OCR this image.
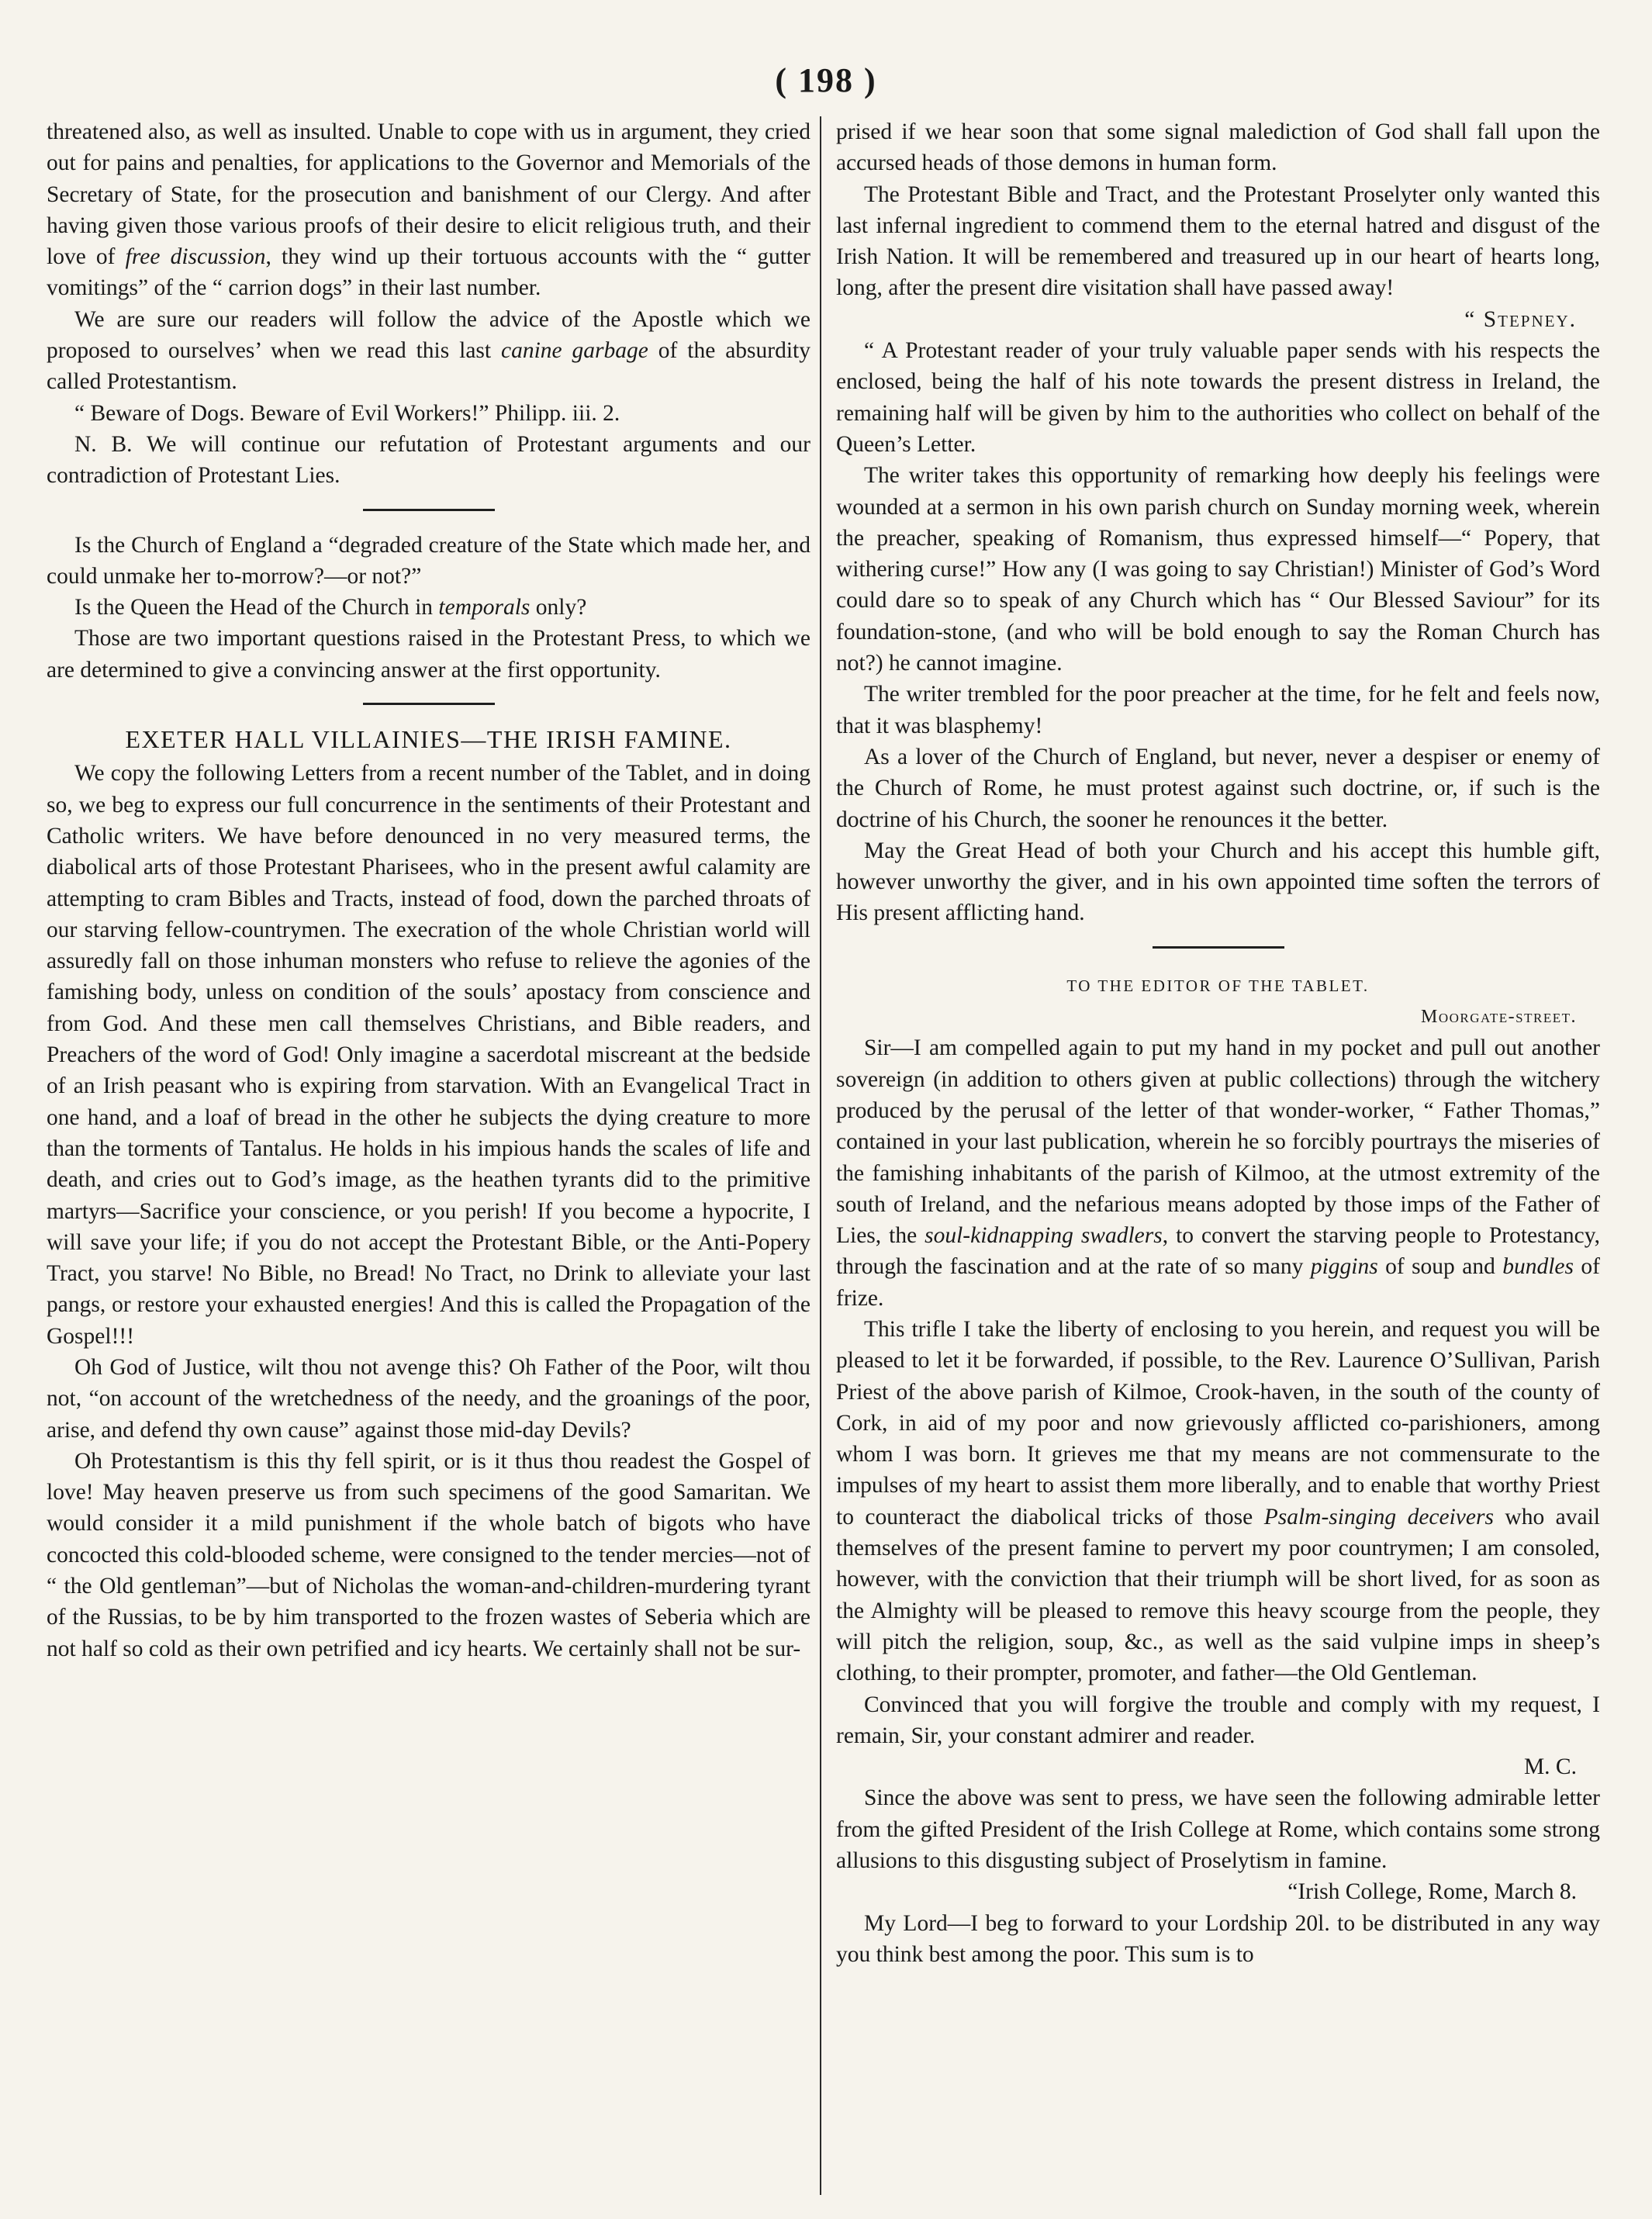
( 198 )

threatened also, as well as insulted. Unable to cope with us in argument, they cried out for pains and penalties, for applications to the Governor and Memorials of the Secretary of State, for the prosecution and banishment of our Clergy. And after having given those various proofs of their desire to elicit religious truth, and their love of free discussion, they wind up their tortuous accounts with the “ gutter vomitings” of the “ carrion dogs” in their last number.

We are sure our readers will follow the advice of the Apostle which we proposed to ourselves’ when we read this last canine garbage of the absurdity called Protestantism.

“ Beware of Dogs. Beware of Evil Workers!” Philipp. iii. 2.

N. B. We will continue our refutation of Protestant arguments and our contradiction of Protestant Lies.

Is the Church of England a “degraded creature of the State which made her, and could unmake her to-morrow?—or not?”

Is the Queen the Head of the Church in temporals only?

Those are two important questions raised in the Protestant Press, to which we are determined to give a convincing answer at the first opportunity.

EXETER HALL VILLAINIES—THE IRISH FAMINE.

We copy the following Letters from a recent number of the Tablet, and in doing so, we beg to express our full concurrence in the sentiments of their Protestant and Catholic writers. We have before denounced in no very measured terms, the diabolical arts of those Protestant Pharisees, who in the present awful calamity are attempting to cram Bibles and Tracts, instead of food, down the parched throats of our starving fellow-countrymen. The execration of the whole Christian world will assuredly fall on those inhuman monsters who refuse to relieve the agonies of the famishing body, unless on condition of the souls’ apostacy from conscience and from God. And these men call themselves Christians, and Bible readers, and Preachers of the word of God! Only imagine a sacerdotal miscreant at the bedside of an Irish peasant who is expiring from starvation. With an Evangelical Tract in one hand, and a loaf of bread in the other he subjects the dying creature to more than the torments of Tantalus. He holds in his impious hands the scales of life and death, and cries out to God’s image, as the heathen tyrants did to the primitive martyrs—Sacrifice your conscience, or you perish! If you become a hypocrite, I will save your life; if you do not accept the Protestant Bible, or the Anti-Popery Tract, you starve! No Bible, no Bread! No Tract, no Drink to alleviate your last pangs, or restore your exhausted energies! And this is called the Propagation of the Gospel!!!

Oh God of Justice, wilt thou not avenge this? Oh Father of the Poor, wilt thou not, “on account of the wretchedness of the needy, and the groanings of the poor, arise, and defend thy own cause” against those mid-day Devils?

Oh Protestantism is this thy fell spirit, or is it thus thou readest the Gospel of love! May heaven preserve us from such specimens of the good Samaritan. We would consider it a mild punishment if the whole batch of bigots who have concocted this cold-blooded scheme, were consigned to the tender mercies—not of “ the Old gentleman”—but of Nicholas the woman-and-children-murdering tyrant of the Russias, to be by him transported to the frozen wastes of Seberia which are not half so cold as their own petrified and icy hearts. We certainly shall not be sur-

prised if we hear soon that some signal malediction of God shall fall upon the accursed heads of those demons in human form.

The Protestant Bible and Tract, and the Protestant Proselyter only wanted this last infernal ingredient to commend them to the eternal hatred and disgust of the Irish Nation. It will be remembered and treasured up in our heart of hearts long, long, after the present dire visitation shall have passed away!

“ Stepney.

“ A Protestant reader of your truly valuable paper sends with his respects the enclosed, being the half of his note towards the present distress in Ireland, the remaining half will be given by him to the authorities who collect on behalf of the Queen’s Letter.

The writer takes this opportunity of remarking how deeply his feelings were wounded at a sermon in his own parish church on Sunday morning week, wherein the preacher, speaking of Romanism, thus expressed himself—“ Popery, that withering curse!” How any (I was going to say Christian!) Minister of God’s Word could dare so to speak of any Church which has “ Our Blessed Saviour” for its foundation-stone, (and who will be bold enough to say the Roman Church has not?) he cannot imagine.

The writer trembled for the poor preacher at the time, for he felt and feels now, that it was blasphemy!

As a lover of the Church of England, but never, never a despiser or enemy of the Church of Rome, he must protest against such doctrine, or, if such is the doctrine of his Church, the sooner he renounces it the better.

May the Great Head of both your Church and his accept this humble gift, however unworthy the giver, and in his own appointed time soften the terrors of His present afflicting hand.

TO THE EDITOR OF THE TABLET.

Moorgate-street.

Sir—I am compelled again to put my hand in my pocket and pull out another sovereign (in addition to others given at public collections) through the witchery produced by the perusal of the letter of that wonder-worker, “ Father Thomas,” contained in your last publication, wherein he so forcibly pourtrays the miseries of the famishing inhabitants of the parish of Kilmoo, at the utmost extremity of the south of Ireland, and the nefarious means adopted by those imps of the Father of Lies, the soul-kidnapping swadlers, to convert the starving people to Protestancy, through the fascination and at the rate of so many piggins of soup and bundles of frize.

This trifle I take the liberty of enclosing to you herein, and request you will be pleased to let it be forwarded, if possible, to the Rev. Laurence O’Sullivan, Parish Priest of the above parish of Kilmoe, Crook-haven, in the south of the county of Cork, in aid of my poor and now grievously afflicted co-parishioners, among whom I was born. It grieves me that my means are not commensurate to the impulses of my heart to assist them more liberally, and to enable that worthy Priest to counteract the diabolical tricks of those Psalm-singing deceivers who avail themselves of the present famine to pervert my poor countrymen; I am consoled, however, with the conviction that their triumph will be short lived, for as soon as the Almighty will be pleased to remove this heavy scourge from the people, they will pitch the religion, soup, &c., as well as the said vulpine imps in sheep’s clothing, to their prompter, promoter, and father—the Old Gentleman.

Convinced that you will forgive the trouble and comply with my request, I remain, Sir, your constant admirer and reader.

M. C.

Since the above was sent to press, we have seen the following admirable letter from the gifted President of the Irish College at Rome, which contains some strong allusions to this disgusting subject of Proselytism in famine.

“Irish College, Rome, March 8.

My Lord—I beg to forward to your Lordship 20l. to be distributed in any way you think best among the poor. This sum is to
